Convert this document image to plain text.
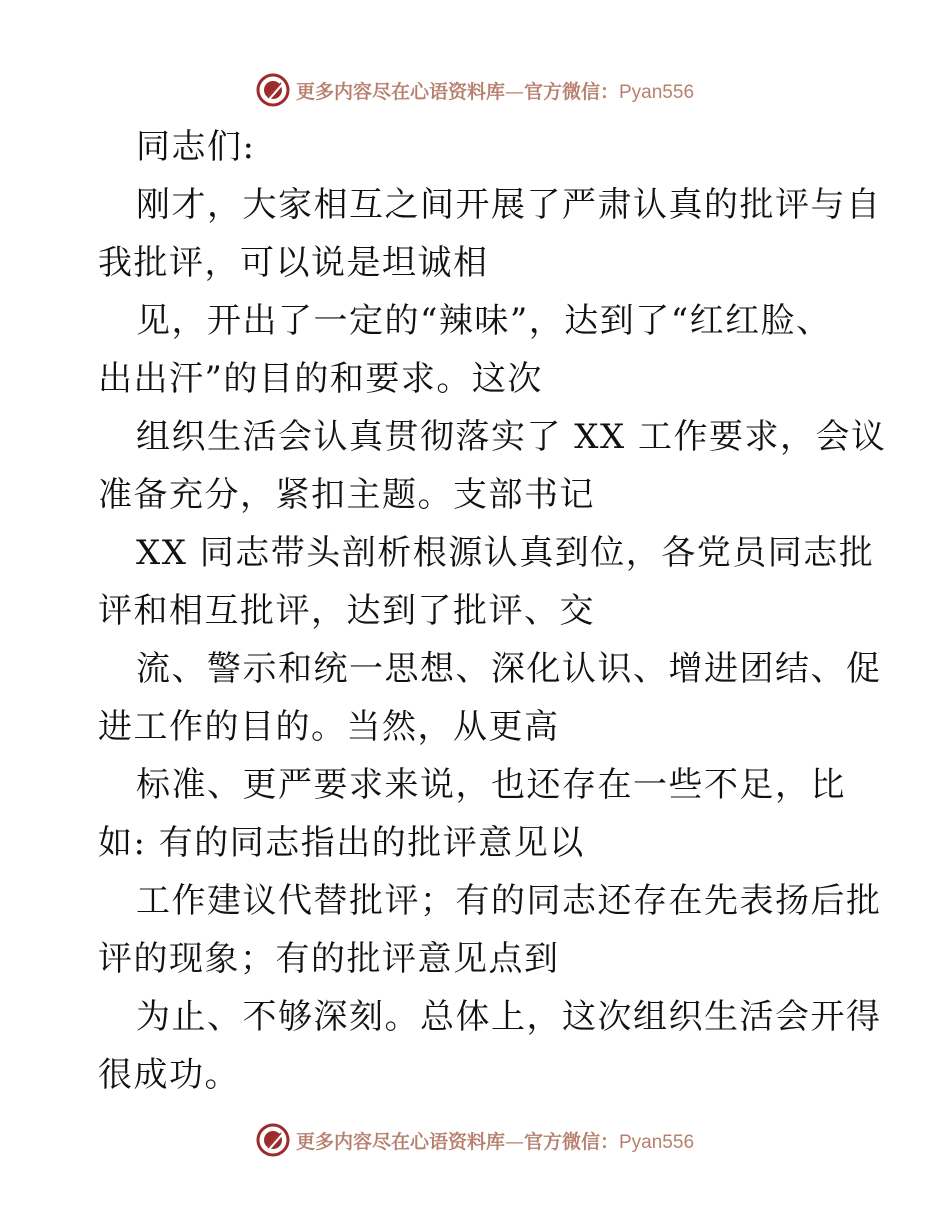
更多内容尽在心语资料库—官方微信：Pyan556
同志们:
刚才，大家相互之间开展了严肃认真的批评与自
我批评，可以说是坦诚相
见，开出了一定的“辣味”，达到了“红红脸、
出出汗”的目的和要求。这次
组织生活会认真贯彻落实了 XX 工作要求，会议
准备充分，紧扣主题。支部书记
XX 同志带头剖析根源认真到位，各党员同志批
评和相互批评，达到了批评、交
流、警示和统一思想、深化认识、增进团结、促
进工作的目的。当然，从更高
标准、更严要求来说，也还存在一些不足，比
如: 有的同志指出的批评意见以
工作建议代替批评；有的同志还存在先表扬后批
评的现象；有的批评意见点到
为止、不够深刻。总体上，这次组织生活会开得
很成功。
更多内容尽在心语资料库—官方微信：Pyan556
